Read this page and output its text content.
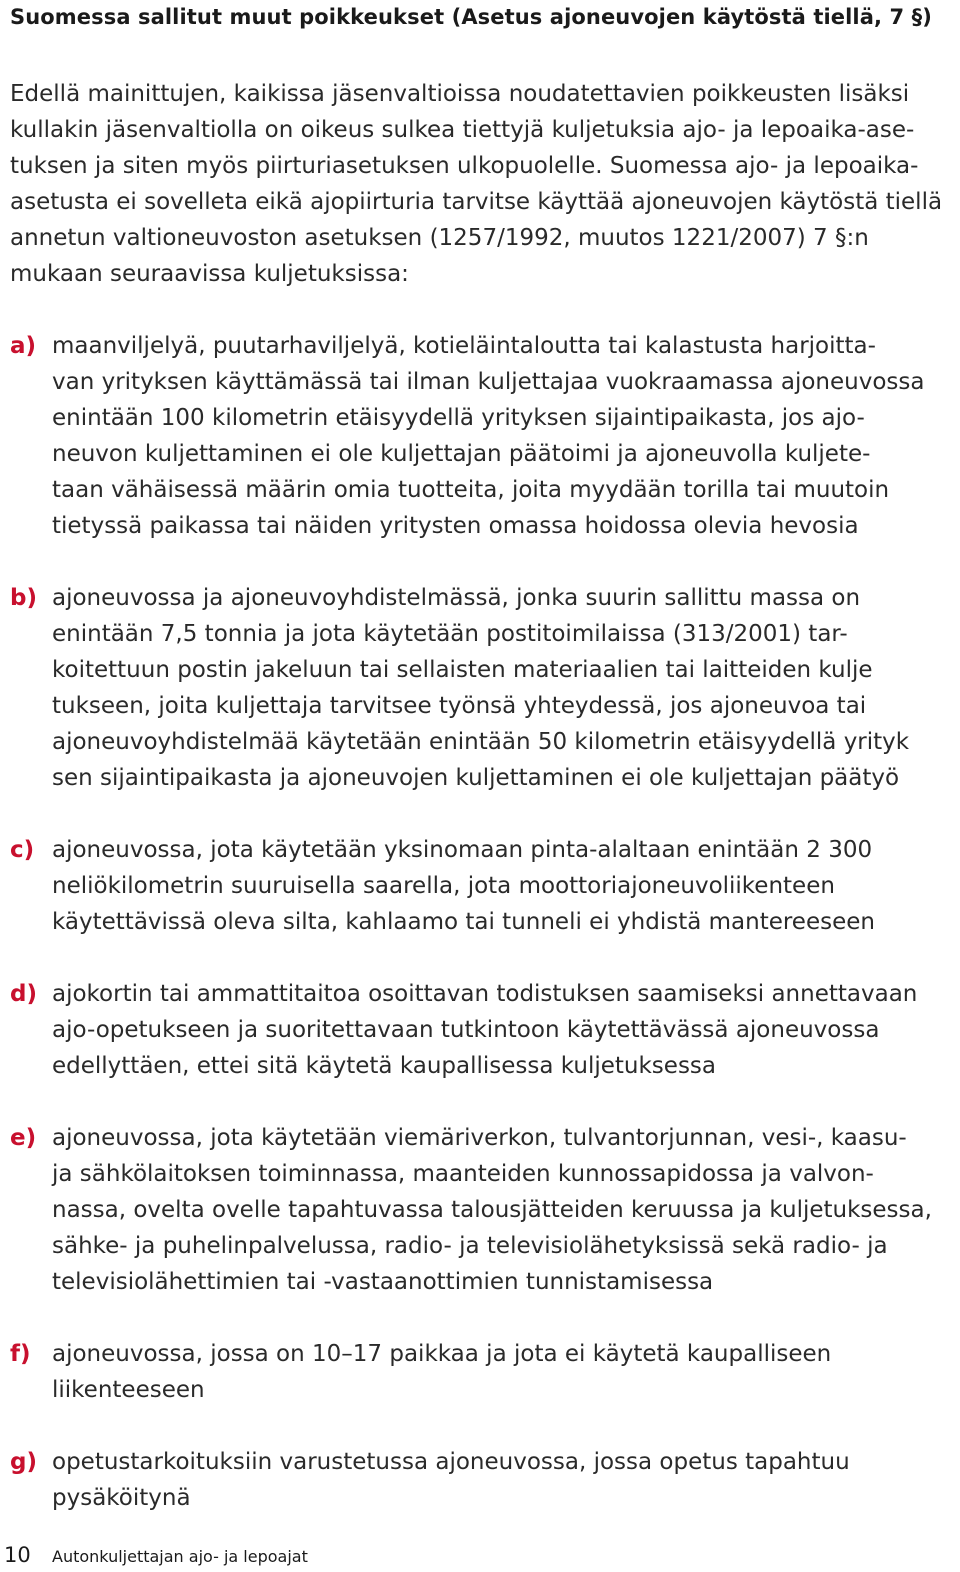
Suomessa sallitut muut poikkeukset (Asetus ajoneuvojen käytöstä tiellä, 7 §)
Edellä mainittujen, kaikissa jäsenvaltioissa noudatettavien poikkeusten lisäksi
kullakin jäsenvaltiolla on oikeus sulkea tiettyjä kuljetuksia ajo- ja lepoaika-ase-
tuksen ja siten myös piirturiasetuksen ulkopuolelle. Suomessa ajo- ja lepoaika-
asetusta ei sovelleta eikä ajopiirturia tarvitse käyttää ajoneuvojen käytöstä tiellä
annetun valtioneuvoston asetuksen (1257/1992, muutos 1221/2007) 7 §:n
mukaan seuraavissa kuljetuksissa:
a) maanviljelyä, puutarhaviljelyä, kotieläintaloutta tai kalastusta harjoitta-
van yrityksen käyttämässä tai ilman kuljettajaa vuokraamassa ajoneuvossa
enintään 100 kilometrin etäisyydellä yrityksen sijaintipaikasta, jos ajo-
neuvon kuljettaminen ei ole kuljettajan päätoimi ja ajoneuvolla kuljete-
taan vähäisessä määrin omia tuotteita, joita myydään torilla tai muutoin
tietyssä paikassa tai näiden yritysten omassa hoidossa olevia hevosia
b) ajoneuvossa ja ajoneuvoyhdistelmässä, jonka suurin sallittu massa on
enintään 7,5 tonnia ja jota käytetään postitoimilaissa (313/2001) tar-
koitettuun postin jakeluun tai sellaisten materiaalien tai laitteiden kulje
tukseen, joita kuljettaja tarvitsee työnsä yhteydessä, jos ajoneuvoa tai
ajoneuvoyhdistelmää käytetään enintään 50 kilometrin etäisyydellä yrityk
sen sijaintipaikasta ja ajoneuvojen kuljettaminen ei ole kuljettajan päätyö
c) ajoneuvossa, jota käytetään yksinomaan pinta-alaltaan enintään 2 300
neliökilometrin suuruisella saarella, jota moottoriajoneuvoliikenteen
käytettävissä oleva silta, kahlaamo tai tunneli ei yhdistä mantereeseen
d) ajokortin tai ammattitaitoa osoittavan todistuksen saamiseksi annettavaan
ajo-opetukseen ja suoritettavaan tutkintoon käytettävässä ajoneuvossa
edellyttäen, ettei sitä käytetä kaupallisessa kuljetuksessa
e) ajoneuvossa, jota käytetään viemäriverkon, tulvantorjunnan, vesi-, kaasu-
ja sähkölaitoksen toiminnassa, maanteiden kunnossapidossa ja valvon-
nassa, ovelta ovelle tapahtuvassa talousjätteiden keruussa ja kuljetuksessa,
sähke- ja puhelinpalvelussa, radio- ja televisiolähetyksissä sekä radio- ja
televisiolähettimien tai -vastaanottimien tunnistamisessa
f) ajoneuvossa, jossa on 10–17 paikkaa ja jota ei käytetä kaupalliseen
liikenteeseen
g) opetustarkoituksiin varustetussa ajoneuvossa, jossa opetus tapahtuu
pysäköitynä
10 Autonkuljettajan ajo- ja lepoajat
